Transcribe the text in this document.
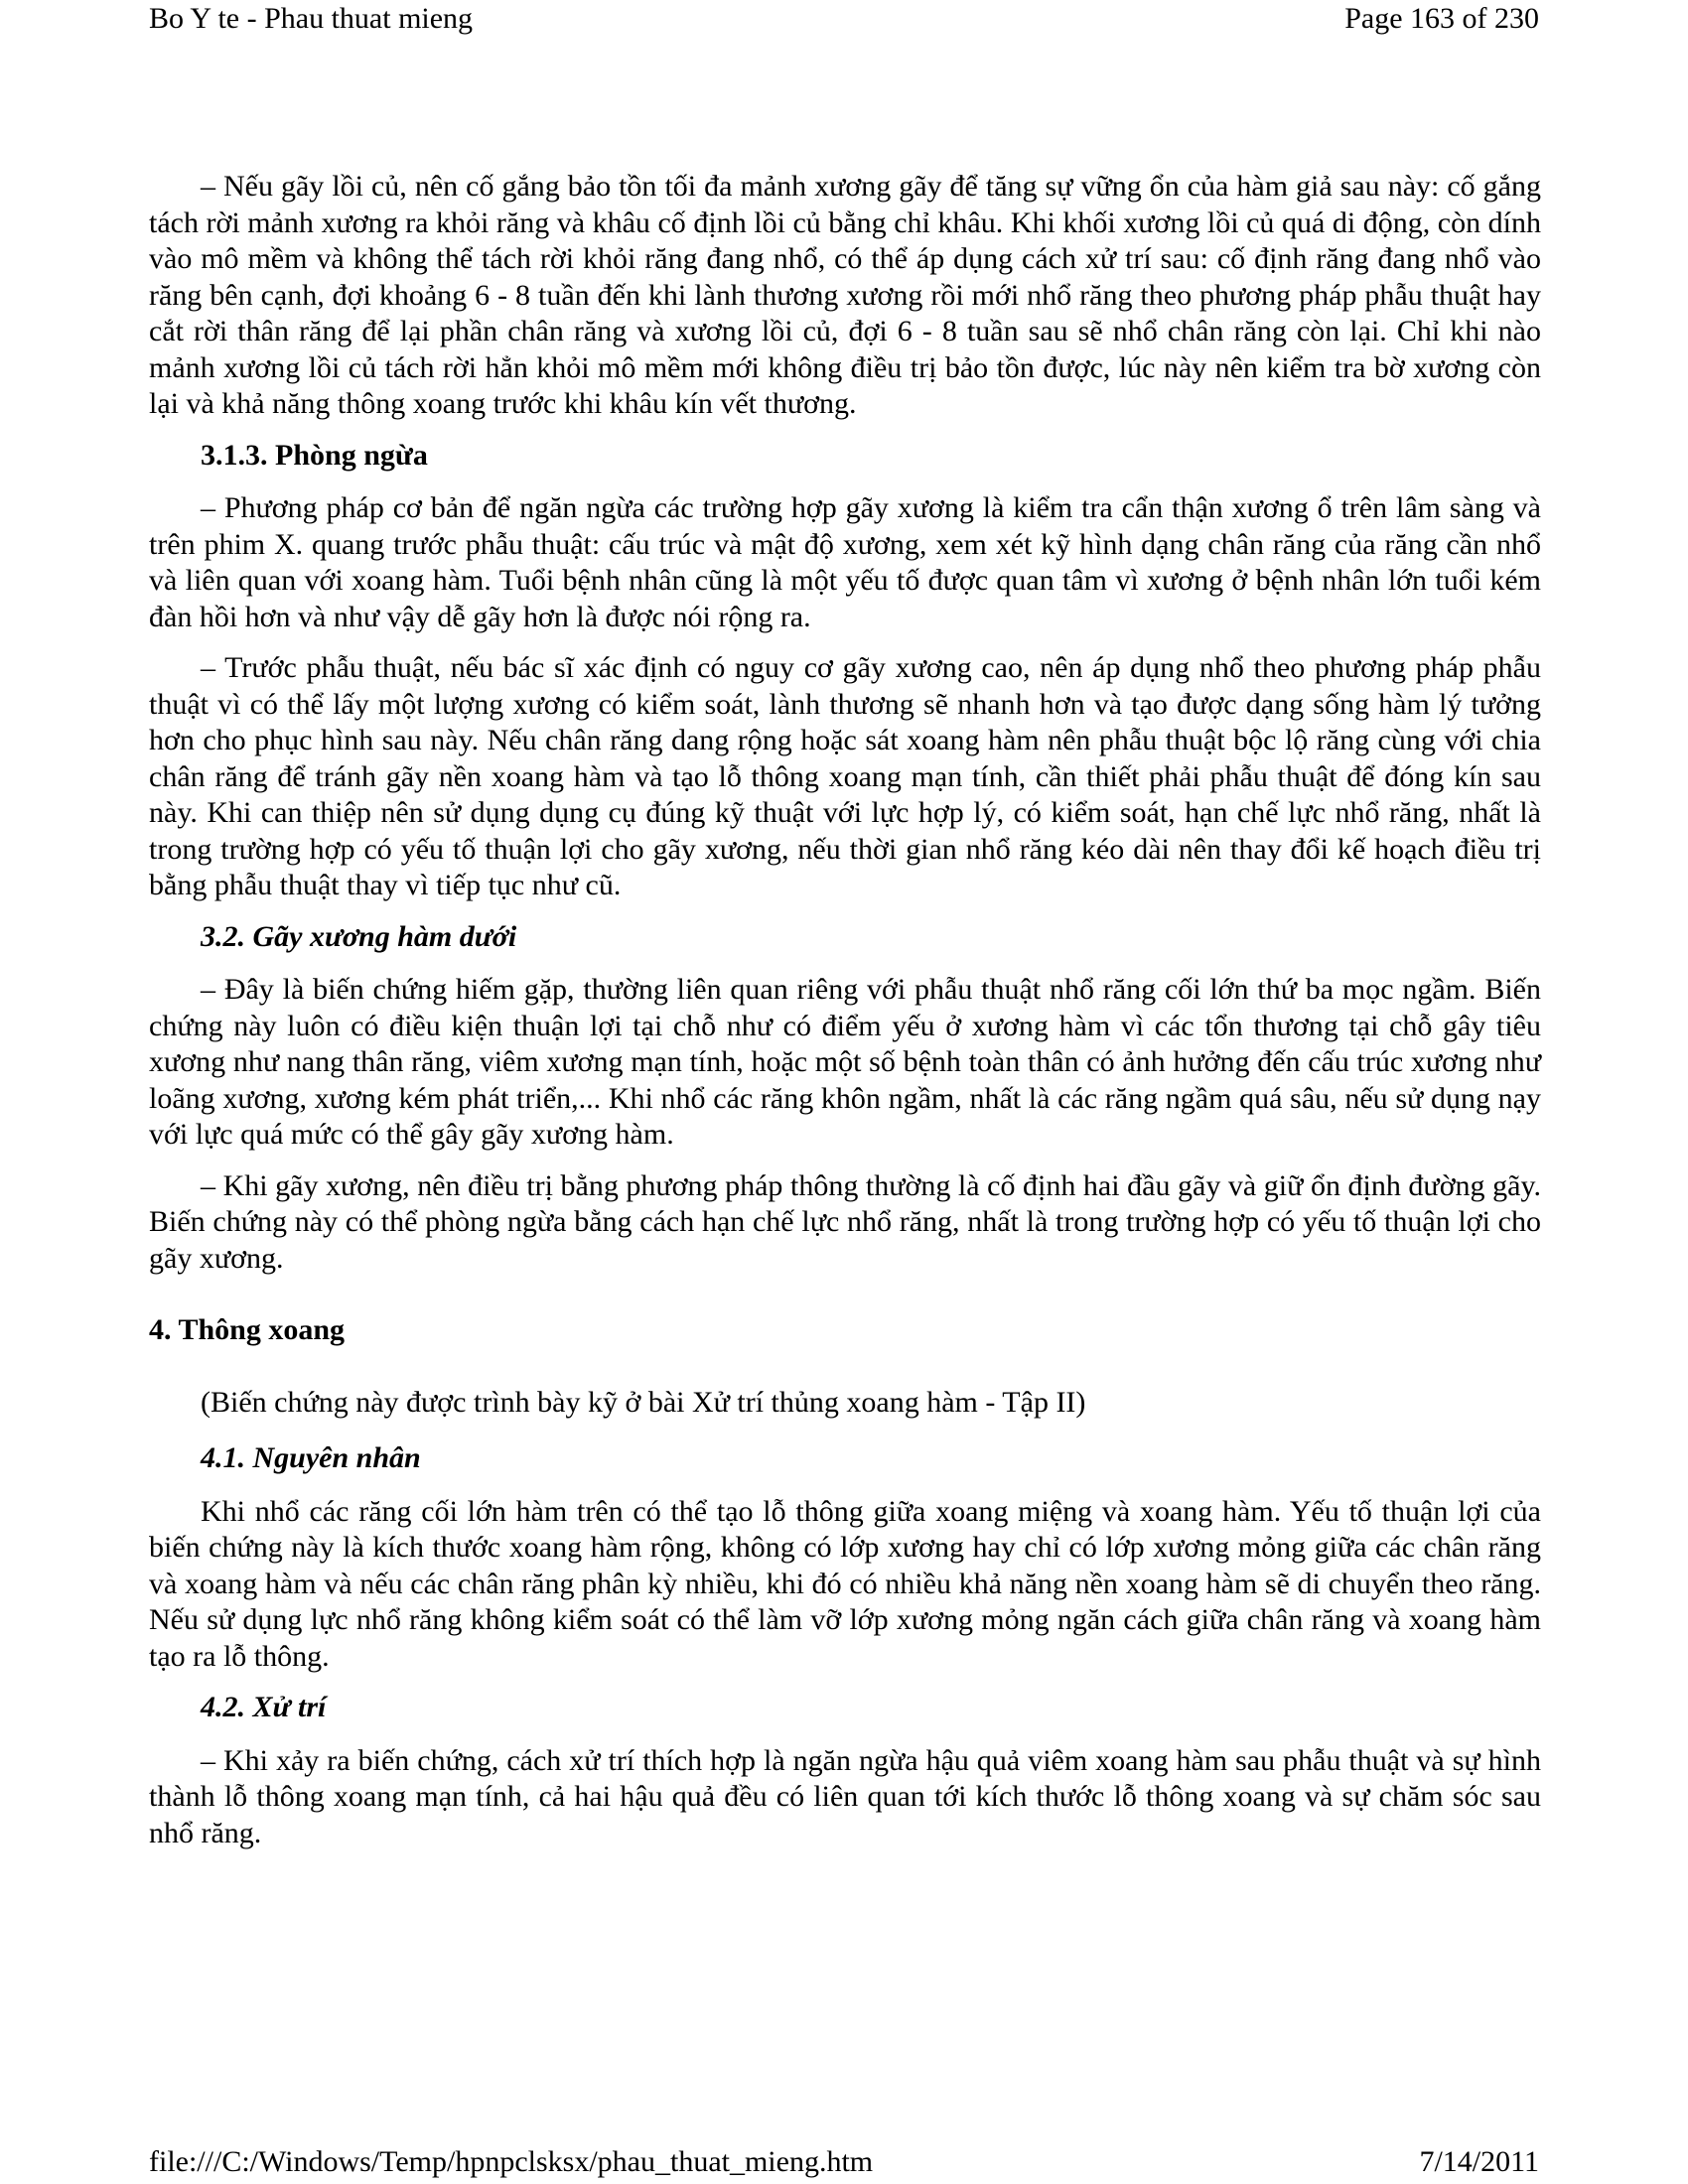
Bo Y te - Phau thuat mieng	Page 163 of 230

– Nếu gãy lồi củ, nên cố gắng bảo tồn tối đa mảnh xương gãy để tăng sự vững ổn của hàm giả sau này: cố gắng tách rời mảnh xương ra khỏi răng và khâu cố định lồi củ bằng chỉ khâu. Khi khối xương lồi củ quá di động, còn dính vào mô mềm và không thể tách rời khỏi răng đang nhổ, có thể áp dụng cách xử trí sau: cố định răng đang nhổ vào răng bên cạnh, đợi khoảng 6 - 8 tuần đến khi lành thương xương rồi mới nhổ răng theo phương pháp phẫu thuật hay cắt rời thân răng để lại phần chân răng và xương lồi củ, đợi 6 - 8 tuần sau sẽ nhổ chân răng còn lại. Chỉ khi nào mảnh xương lồi củ tách rời hẳn khỏi mô mềm mới không điều trị bảo tồn được, lúc này nên kiểm tra bờ xương còn lại và khả năng thông xoang trước khi khâu kín vết thương.

3.1.3. Phòng ngừa

– Phương pháp cơ bản để ngăn ngừa các trường hợp gãy xương là kiểm tra cẩn thận xương ổ trên lâm sàng và trên phim X. quang trước phẫu thuật: cấu trúc và mật độ xương, xem xét kỹ hình dạng chân răng của răng cần nhổ và liên quan với xoang hàm. Tuổi bệnh nhân cũng là một yếu tố được quan tâm vì xương ở bệnh nhân lớn tuổi kém đàn hồi hơn và như vậy dễ gãy hơn là được nói rộng ra.

– Trước phẫu thuật, nếu bác sĩ xác định có nguy cơ gãy xương cao, nên áp dụng nhổ theo phương pháp phẫu thuật vì có thể lấy một lượng xương có kiểm soát, lành thương sẽ nhanh hơn và tạo được dạng sống hàm lý tưởng hơn cho phục hình sau này. Nếu chân răng dang rộng hoặc sát xoang hàm nên phẫu thuật bộc lộ răng cùng với chia chân răng để tránh gãy nền xoang hàm và tạo lỗ thông xoang mạn tính, cần thiết phải phẫu thuật để đóng kín sau này. Khi can thiệp nên sử dụng dụng cụ đúng kỹ thuật với lực hợp lý, có kiểm soát, hạn chế lực nhổ răng, nhất là trong trường hợp có yếu tố thuận lợi cho gãy xương, nếu thời gian nhổ răng kéo dài nên thay đổi kế hoạch điều trị bằng phẫu thuật thay vì tiếp tục như cũ.

3.2. Gãy xương hàm dưới

– Đây là biến chứng hiếm gặp, thường liên quan riêng với phẫu thuật nhổ răng cối lớn thứ ba mọc ngầm. Biến chứng này luôn có điều kiện thuận lợi tại chỗ như có điểm yếu ở xương hàm vì các tổn thương tại chỗ gây tiêu xương như nang thân răng, viêm xương mạn tính, hoặc một số bệnh toàn thân có ảnh hưởng đến cấu trúc xương như loãng xương, xương kém phát triển,... Khi nhổ các răng khôn ngầm, nhất là các răng ngầm quá sâu, nếu sử dụng nạy với lực quá mức có thể gây gãy xương hàm.

– Khi gãy xương, nên điều trị bằng phương pháp thông thường là cố định hai đầu gãy và giữ ổn định đường gãy. Biến chứng này có thể phòng ngừa bằng cách hạn chế lực nhổ răng, nhất là trong trường hợp có yếu tố thuận lợi cho gãy xương.

4. Thông xoang

(Biến chứng này được trình bày kỹ ở bài Xử trí thủng xoang hàm - Tập II)

4.1. Nguyên nhân

Khi nhổ các răng cối lớn hàm trên có thể tạo lỗ thông giữa xoang miệng và xoang hàm. Yếu tố thuận lợi của biến chứng này là kích thước xoang hàm rộng, không có lớp xương hay chỉ có lớp xương mỏng giữa các chân răng và xoang hàm và nếu các chân răng phân kỳ nhiều, khi đó có nhiều khả năng nền xoang hàm sẽ di chuyển theo răng. Nếu sử dụng lực nhổ răng không kiểm soát có thể làm vỡ lớp xương mỏng ngăn cách giữa chân răng và xoang hàm tạo ra lỗ thông.

4.2. Xử trí

– Khi xảy ra biến chứng, cách xử trí thích hợp là ngăn ngừa hậu quả viêm xoang hàm sau phẫu thuật và sự hình thành lỗ thông xoang mạn tính, cả hai hậu quả đều có liên quan tới kích thước lỗ thông xoang và sự chăm sóc sau nhổ răng.

file:///C:/Windows/Temp/hpnpclsksx/phau_thuat_mieng.htm	7/14/2011
